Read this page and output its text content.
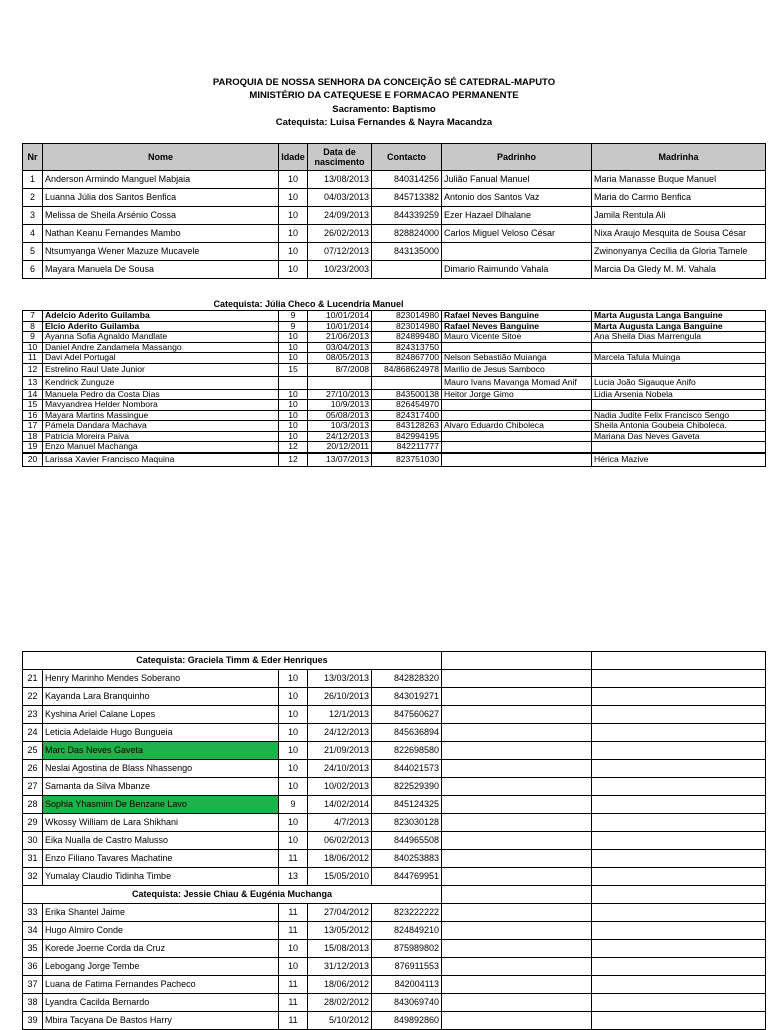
PAROQUIA DE NOSSA SENHORA DA CONCEIÇÃO SÉ CATEDRAL-MAPUTO
MINISTÉRIO DA CATEQUESE E FORMACAO PERMANENTE
Sacramento: Baptismo
Catequista: Luisa Fernandes & Nayra Macandza
Nr	Nome	Idade	Data de
nascimento	Contacto	Padrinho	Madrinha
1	Anderson Armindo Manguel Mabjaia	10	13/08/2013	840314256	Julião Fanual Manuel	Maria Manasse Buque Manuel
2	Luanna Júlia dos Santos Benfica	10	04/03/2013	845713382	Antonio dos Santos Vaz	Maria do Carmo Benfica
3	Melissa de Sheila Arsénio Cossa	10	24/09/2013	844339259	Ezer Hazael Dlhalane	Jamila Rentula Ali
4	Nathan Keanu Fernandes Mambo	10	26/02/2013	828824000	Carlos Miguel Veloso César	Nixa Araujo Mesquita de Sousa César
5	Ntsumyanga Wener Mazuze Mucavele	10	07/12/2013	843135000		Zwinonyanya Cecília da Gloria Tamele
6	Mayara Manuela De Sousa	10	10/23/2003		Dimario Raimundo Vahala	Marcia Da Gledy M. M. Vahala
Catequista: Júlia Checo & Lucendria Manuel
7	Adelcio Aderito Guilamba	9	10/01/2014	823014980	Rafael Neves Banguine	Marta Augusta Langa Banguine
8	Elcio Aderito Guilamba	9	10/01/2014	823014980	Rafael Neves Banguine	Marta Augusta Langa Banguine
9	Ayanna Sofia Agnaldo Mandlate	10	21/06/2013	824899480	Mauro Vicente Sitoe	Ana Sheila Dias Marrengula
10	Daniel Andre Zandamela Massango	10	03/04/2013	824313750		
11	Davi Adel Portugal	10	08/05/2013	824867700	Nelson Sebastião Muianga	Marcela Tafula Muinga
12	Estrelino Raul Uate Junior	15	8/7/2008	84/868624978	Marilio de Jesus Samboco	
13	Kendrick Zunguze				Mauro Ivans Mavanga Momad Anif	Lucia João Sigauque Anifo
14	Manuela Pedro da Costa Dias	10	27/10/2013	843500138	Heitor Jorge Gimo	Lidia Arsenia Nobela
15	Mavyandrea Helder Nombora	10	10/9/2013	826454970		
16	Mayara Martins Massingue	10	05/08/2013	824317400		Nadia Judite Felix Francisco Sengo
17	Pámela Dandara Machava	10	10/3/2013	843128263	Alvaro Eduardo Chiboleca	Sheila Antonia Goubeia Chiboleca.
18	Patricia Moreira Paiva	10	24/12/2013	842994195		Mariana Das Neves Gaveta
19	Enzo Manuel Machanga	12	20/12/2011	842211777		
20	Larissa Xavier Francisco Maquina	12	13/07/2013	823751030		Hérica Mazive
Catequista: Graciela Timm & Eder Henriques						
21	Henry Marinho Mendes Soberano	10	13/03/2013	842828320		
22	Kayanda Lara Branquinho	10	26/10/2013	843019271		
23	Kyshina Ariel Calane Lopes	10	12/1/2013	847560627		
24	Leticia Adelaide Hugo Bungueia	10	24/12/2013	845636894		
25	Marc Das Neves Gaveta	10	21/09/2013	822698580		
26	Neslai Agostina de Blass Nhassengo	10	24/10/2013	844021573		
27	Samanta da Silva Mbanze	10	10/02/2013	822529390		
28	Sophia Yhasmim De Benzane Lavo	9	14/02/2014	845124325		
29	Wkossy William de Lara Shikhani	10	4/7/2013	823030128		
30	Eika Nualla de Castro Malusso	10	06/02/2013	844965508		
31	Enzo Filiano Tavares Machatine	11	18/06/2012	840253883		
32	Yumalay Claudio Tidinha Timbe	13	15/05/2010	844769951		
Catequista: Jessie Chiau & Eugénia Muchanga						
33	Erika Shantel Jaime	11	27/04/2012	823222222		
34	Hugo Almiro Conde	11	13/05/2012	824849210		
35	Korede Joerne Corda da Cruz	10	15/08/2013	875989802		
36	Lebogang Jorge Tembe	10	31/12/2013	876911553		
37	Luana de Fatima Fernandes Pacheco	11	18/06/2012	842004113		
38	Lyandra Cacilda Bernardo	11	28/02/2012	843069740		
39	Mbira Tacyana De Bastos Harry	11	5/10/2012	849892860		
